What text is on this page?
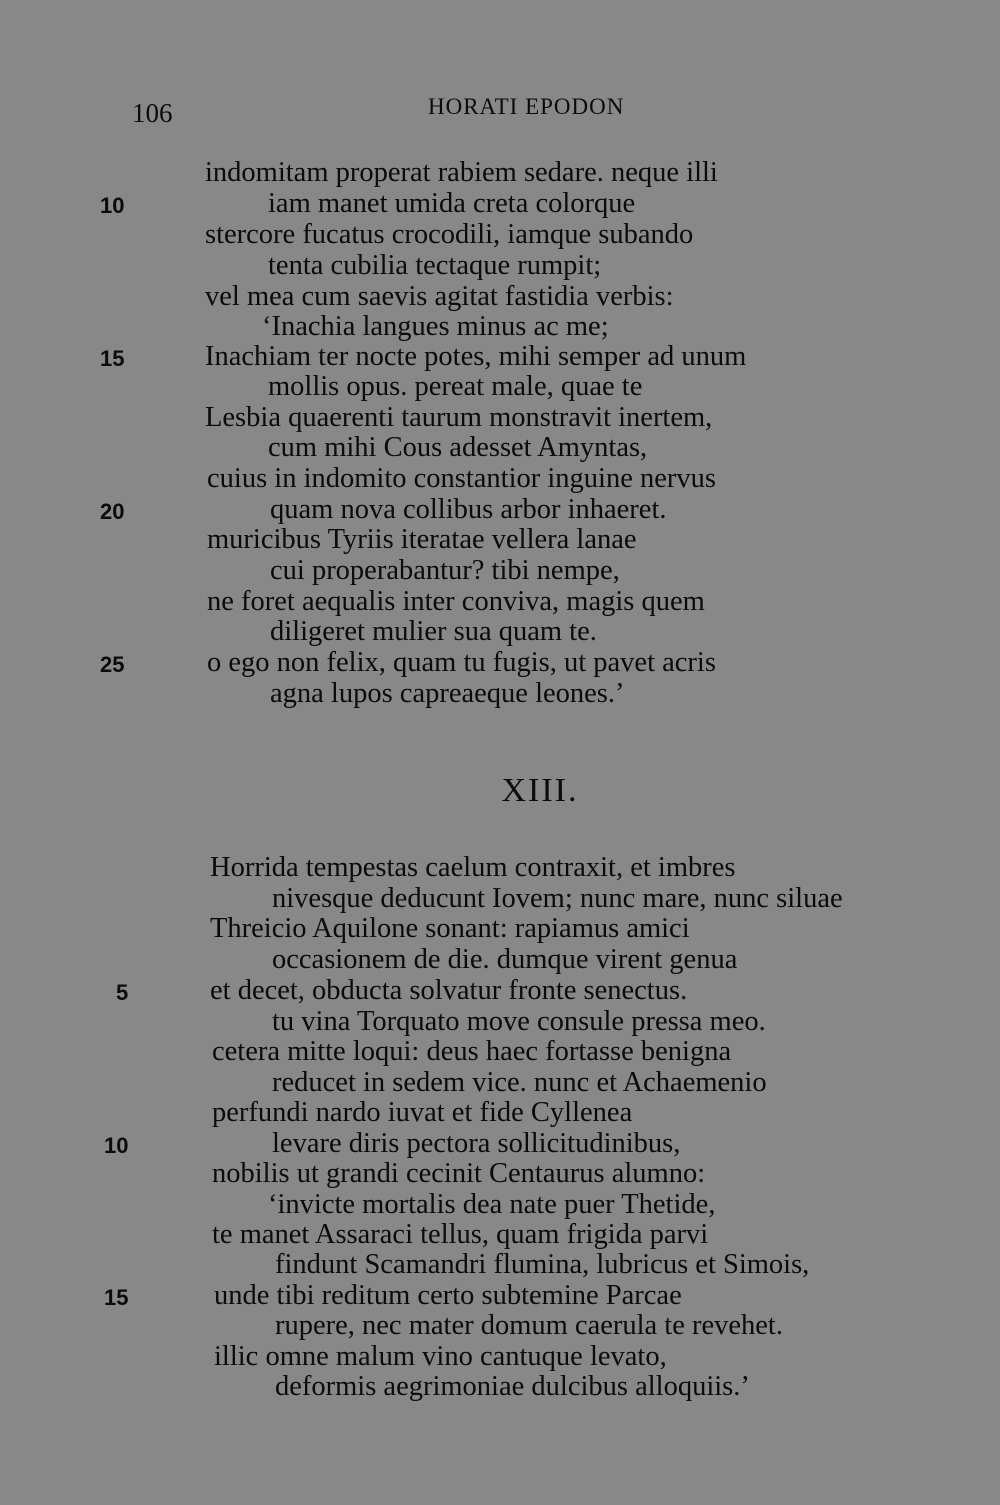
106	HORATI EPODON
indomitam properat rabiem sedare. neque illi
iam manet umida creta colorque
stercore fucatus crocodili, iamque subando
tenta cubilia tectaque rumpit;
vel mea cum saevis agitat fastidia verbis:
‘Inachia langues minus ac me;
Inachiam ter nocte potes, mihi semper ad unum
mollis opus. pereat male, quae te
Lesbia quaerenti taurum monstravit inertem,
cum mihi Cous adesset Amyntas,
cuius in indomito constantior inguine nervus
quam nova collibus arbor inhaeret.
muricibus Tyriis iteratae vellera lanae
cui properabantur? tibi nempe,
ne foret aequalis inter conviva, magis quem
diligeret mulier sua quam te.
o ego non felix, quam tu fugis, ut pavet acris
agna lupos capreaeque leones.’
10
15
20
25
XIII.
Horrida tempestas caelum contraxit, et imbres
nivesque deducunt Iovem; nunc mare, nunc siluae
Threicio Aquilone sonant: rapiamus amici
occasionem de die. dumque virent genua
et decet, obducta solvatur fronte senectus.
tu vina Torquato move consule pressa meo.
cetera mitte loqui: deus haec fortasse benigna
reducet in sedem vice. nunc et Achaemenio
perfundi nardo iuvat et fide Cyllenea
levare diris pectora sollicitudinibus,
nobilis ut grandi cecinit Centaurus alumno:
‘invicte mortalis dea nate puer Thetide,
te manet Assaraci tellus, quam frigida parvi
findunt Scamandri flumina, lubricus et Simois,
unde tibi reditum certo subtemine Parcae
rupere, nec mater domum caerula te revehet.
illic omne malum vino cantuque levato,
deformis aegrimoniae dulcibus alloquiis.’
5
10
15
